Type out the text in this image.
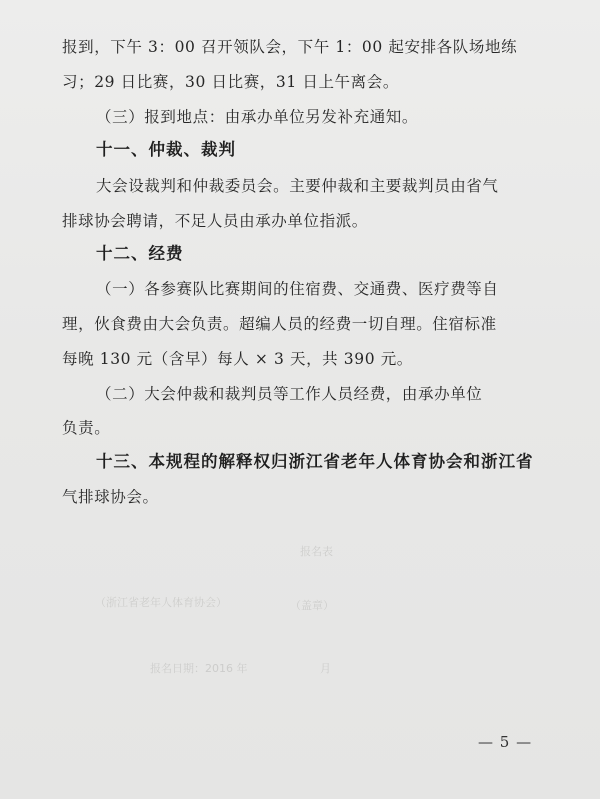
报名表
（浙江省老年人体育协会）	（盖章）
报名日期：2016 年	月
报到，下午 3：00 召开领队会，下午 1：00 起安排各队场地练
习；29 日比赛，30 日比赛，31 日上午离会。
（三）报到地点：由承办单位另发补充通知。
十一、仲裁、裁判
大会设裁判和仲裁委员会。主要仲裁和主要裁判员由省气
排球协会聘请，不足人员由承办单位指派。
十二、经费
（一）各参赛队比赛期间的住宿费、交通费、医疗费等自
理，伙食费由大会负责。超编人员的经费一切自理。住宿标准
每晚 130 元（含早）每人 × 3 天，共 390 元。
（二）大会仲裁和裁判员等工作人员经费，由承办单位
负责。
十三、本规程的解释权归浙江省老年人体育协会和浙江省
气排球协会。
— 5 —
